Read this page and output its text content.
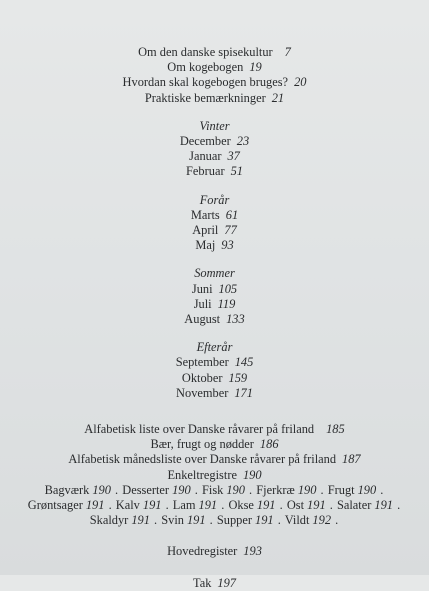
Om den danske spisekultur 7
Om kogebogen 19
Hvordan skal kogebogen bruges? 20
Praktiske bemærkninger 21
Vinter
December 23
Januar 37
Februar 51
Forår
Marts 61
April 77
Maj 93
Sommer
Juni 105
Juli 119
August 133
Efterår
September 145
Oktober 159
November 171
Alfabetisk liste over Danske råvarer på friland 185
Bær, frugt og nødder 186
Alfabetisk månedsliste over Danske råvarer på friland 187
Enkeltregistre 190
Bagværk 190 . Desserter 190 . Fisk 190 . Fjerkræ 190 . Frugt 190 .
Grøntsager 191 . Kalv 191 . Lam 191 . Okse 191 . Ost 191 . Salater 191 .
Skaldyr 191 . Svin 191 . Supper 191 . Vildt 192 .
Hovedregister 193
Tak 197
